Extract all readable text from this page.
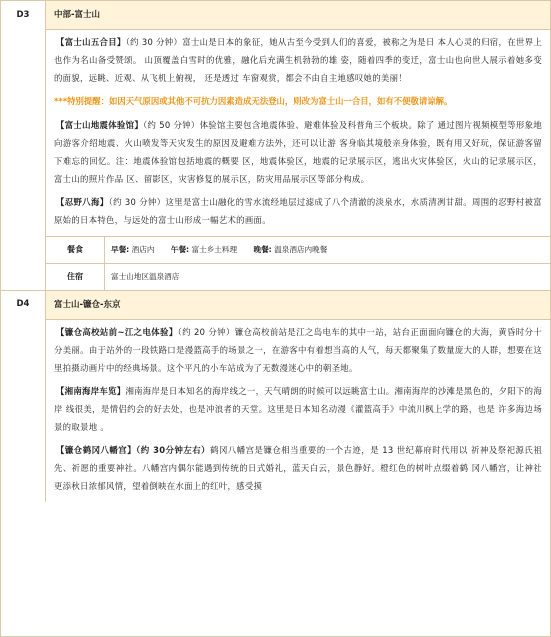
D3	中部-富士山

【富士山五合目】（约 30 分钟）富士山是日本的象征，她从古至今受到人们的喜爱，被称之为是日 本人心灵的归宿，在世界上也作为名山备受赞颂。 山顶覆盖白雪时的优雅，融化后充满生机勃勃的雄 姿，随着四季的变迁，富士山也向世人展示着她多变的面貌，远眺、近观、从飞机上俯视， 还是透过 车窗观赏，都会不由自主地感叹她的美丽！

***特别提醒：如因天气原因或其他不可抗力因素造成无法登山，则改为富士山一合目，如有不便敬请谅解。

【富士山地震体验馆】（约 50 分钟）体验馆主要包含地震体验、避难体验及科普角三个板块。除了 通过图片视频模型等形象地向游客介绍地震、火山喷发等天灾发生的原因及避难方法外，还可以让游 客身临其境般亲身体验，既有用又好玩，保证游客留下难忘的回忆。注：地震体验馆包括地震的概要 区，地震体验区，地震的记录展示区，逃出火灾体验区，火山的记录展示区，富士山的照片作品 区、留影区，灾害修复的展示区，防灾用品展示区等部分构成。

【忍野八海】（约 30 分钟）这里是富士山融化的雪水流经地层过滤成了八个清澈的淡泉水，水质清冽甘甜。周围的忍野村被富原始的日本特色，与远处的富士山形成一幅艺术的画面。

餐食	早餐: 酒店内 午餐: 富士乡土料理 晚餐: 温泉酒店内晚餐
住宿	富士山地区温泉酒店
D4	富士山-镰仓-东京

【镰仓高校站前~江之电体验】（约 20 分钟）镰仓高校前站是江之岛电车的其中一站，站台正面面向镰仓的大海，黄昏时分十分美丽。由于站外的一段铁路口是漫篮高手的场景之一，在游客中有着想当高的人气，每天都聚集了数量庞大的人群，想要在这里拍摄动画片中的经典场景。这个平凡的小车站成为了无数漫迷心中的朝圣地。

【湘南海岸车览】湘南海岸是日本知名的海岸线之一，天气晴朗的时候可以远眺富士山。湘南海岸的沙滩是黑色的，夕阳下的海岸 线很美，是情侣约会的好去处，也是冲浪者的天堂。这里是日本知名动漫《灌篮高手》中流川枫上学的路，也是 许多海边场景的取景地 。

【镰仓鹤冈八幡宫】（约 30分钟左右）鹤冈八幡宫是镰仓相当重要的一个古迹，是 13 世纪幕府时代用以 祈神及祭祀源氏祖先、祈愿的重要神社。八幡宫内偶尔能遇到传统的日式婚礼，蓝天白云，景色静好。橙红色的树叶点缀着鹤 冈八幡宫，让神社更添秋日浓郁风情，望着倒映在水面上的红叶，感受摸
